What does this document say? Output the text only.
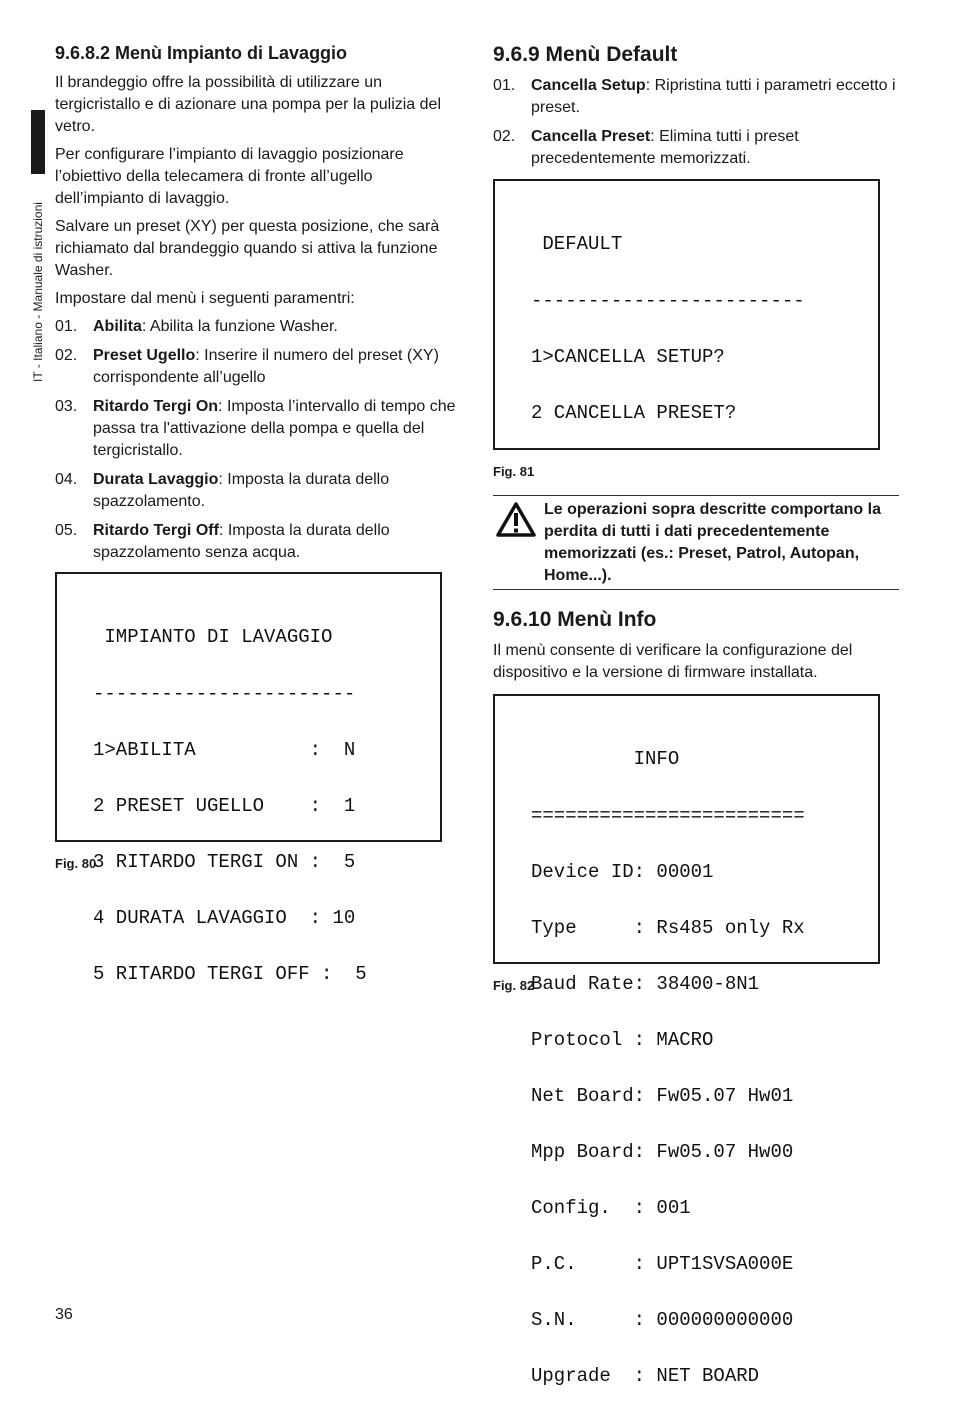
IT - Italiano - Manuale di istruzioni
9.6.8.2 Menù Impianto di Lavaggio

Il brandeggio offre la possibilità di utilizzare un tergicristallo e di azionare una pompa per la pulizia del vetro.

Per configurare l’impianto di lavaggio posizionare l’obiettivo della telecamera di fronte all’ugello dell’impianto di lavaggio.

Salvare un preset (XY) per questa posizione, che sarà richiamato dal brandeggio quando si attiva la funzione Washer.

Impostare dal menù i seguenti paramentri:

01. Abilita: Abilita la funzione Washer.
02. Preset Ugello: Inserire il numero del preset (XY) corrispondente all’ugello
03. Ritardo Tergi On: Imposta l’intervallo di tempo che passa tra l'attivazione della pompa e quella del tergicristallo.
04. Durata Lavaggio: Imposta la durata dello spazzolamento.
05. Ritardo Tergi Off: Imposta la durata dello spazzolamento senza acqua.

IMPIANTO DI LAVAGGIO

-----------------------

1>ABILITA          :  N

2 PRESET UGELLO    :  1

3 RITARDO TERGI ON :  5

4 DURATA LAVAGGIO  : 10

5 RITARDO TERGI OFF :  5

Fig. 80
9.6.9 Menù Default
01. Cancella Setup: Ripristina tutti i parametri eccetto i preset.
02. Cancella Preset: Elimina tutti i preset precedentemente memorizzati.

DEFAULT

------------------------

1>CANCELLA SETUP?

2 CANCELLA PRESET?

Fig. 81
Le operazioni sopra descritte comportano la perdita di tutti i dati precedentemente memorizzati (es.: Preset, Patrol, Autopan, Home...).
9.6.10 Menù Info

Il menù consente di verificare la configurazione del dispositivo e la versione di firmware installata.

INFO

========================

Device ID: 00001

Type     : Rs485 only Rx

Baud Rate: 38400-8N1

Protocol : MACRO

Net Board: Fw05.07 Hw01

Mpp Board: Fw05.07 Hw00

Config.  : 001

P.C.     : UPT1SVSA000E

S.N.     : 000000000000

Upgrade  : NET BOARD

Fig. 82
36
